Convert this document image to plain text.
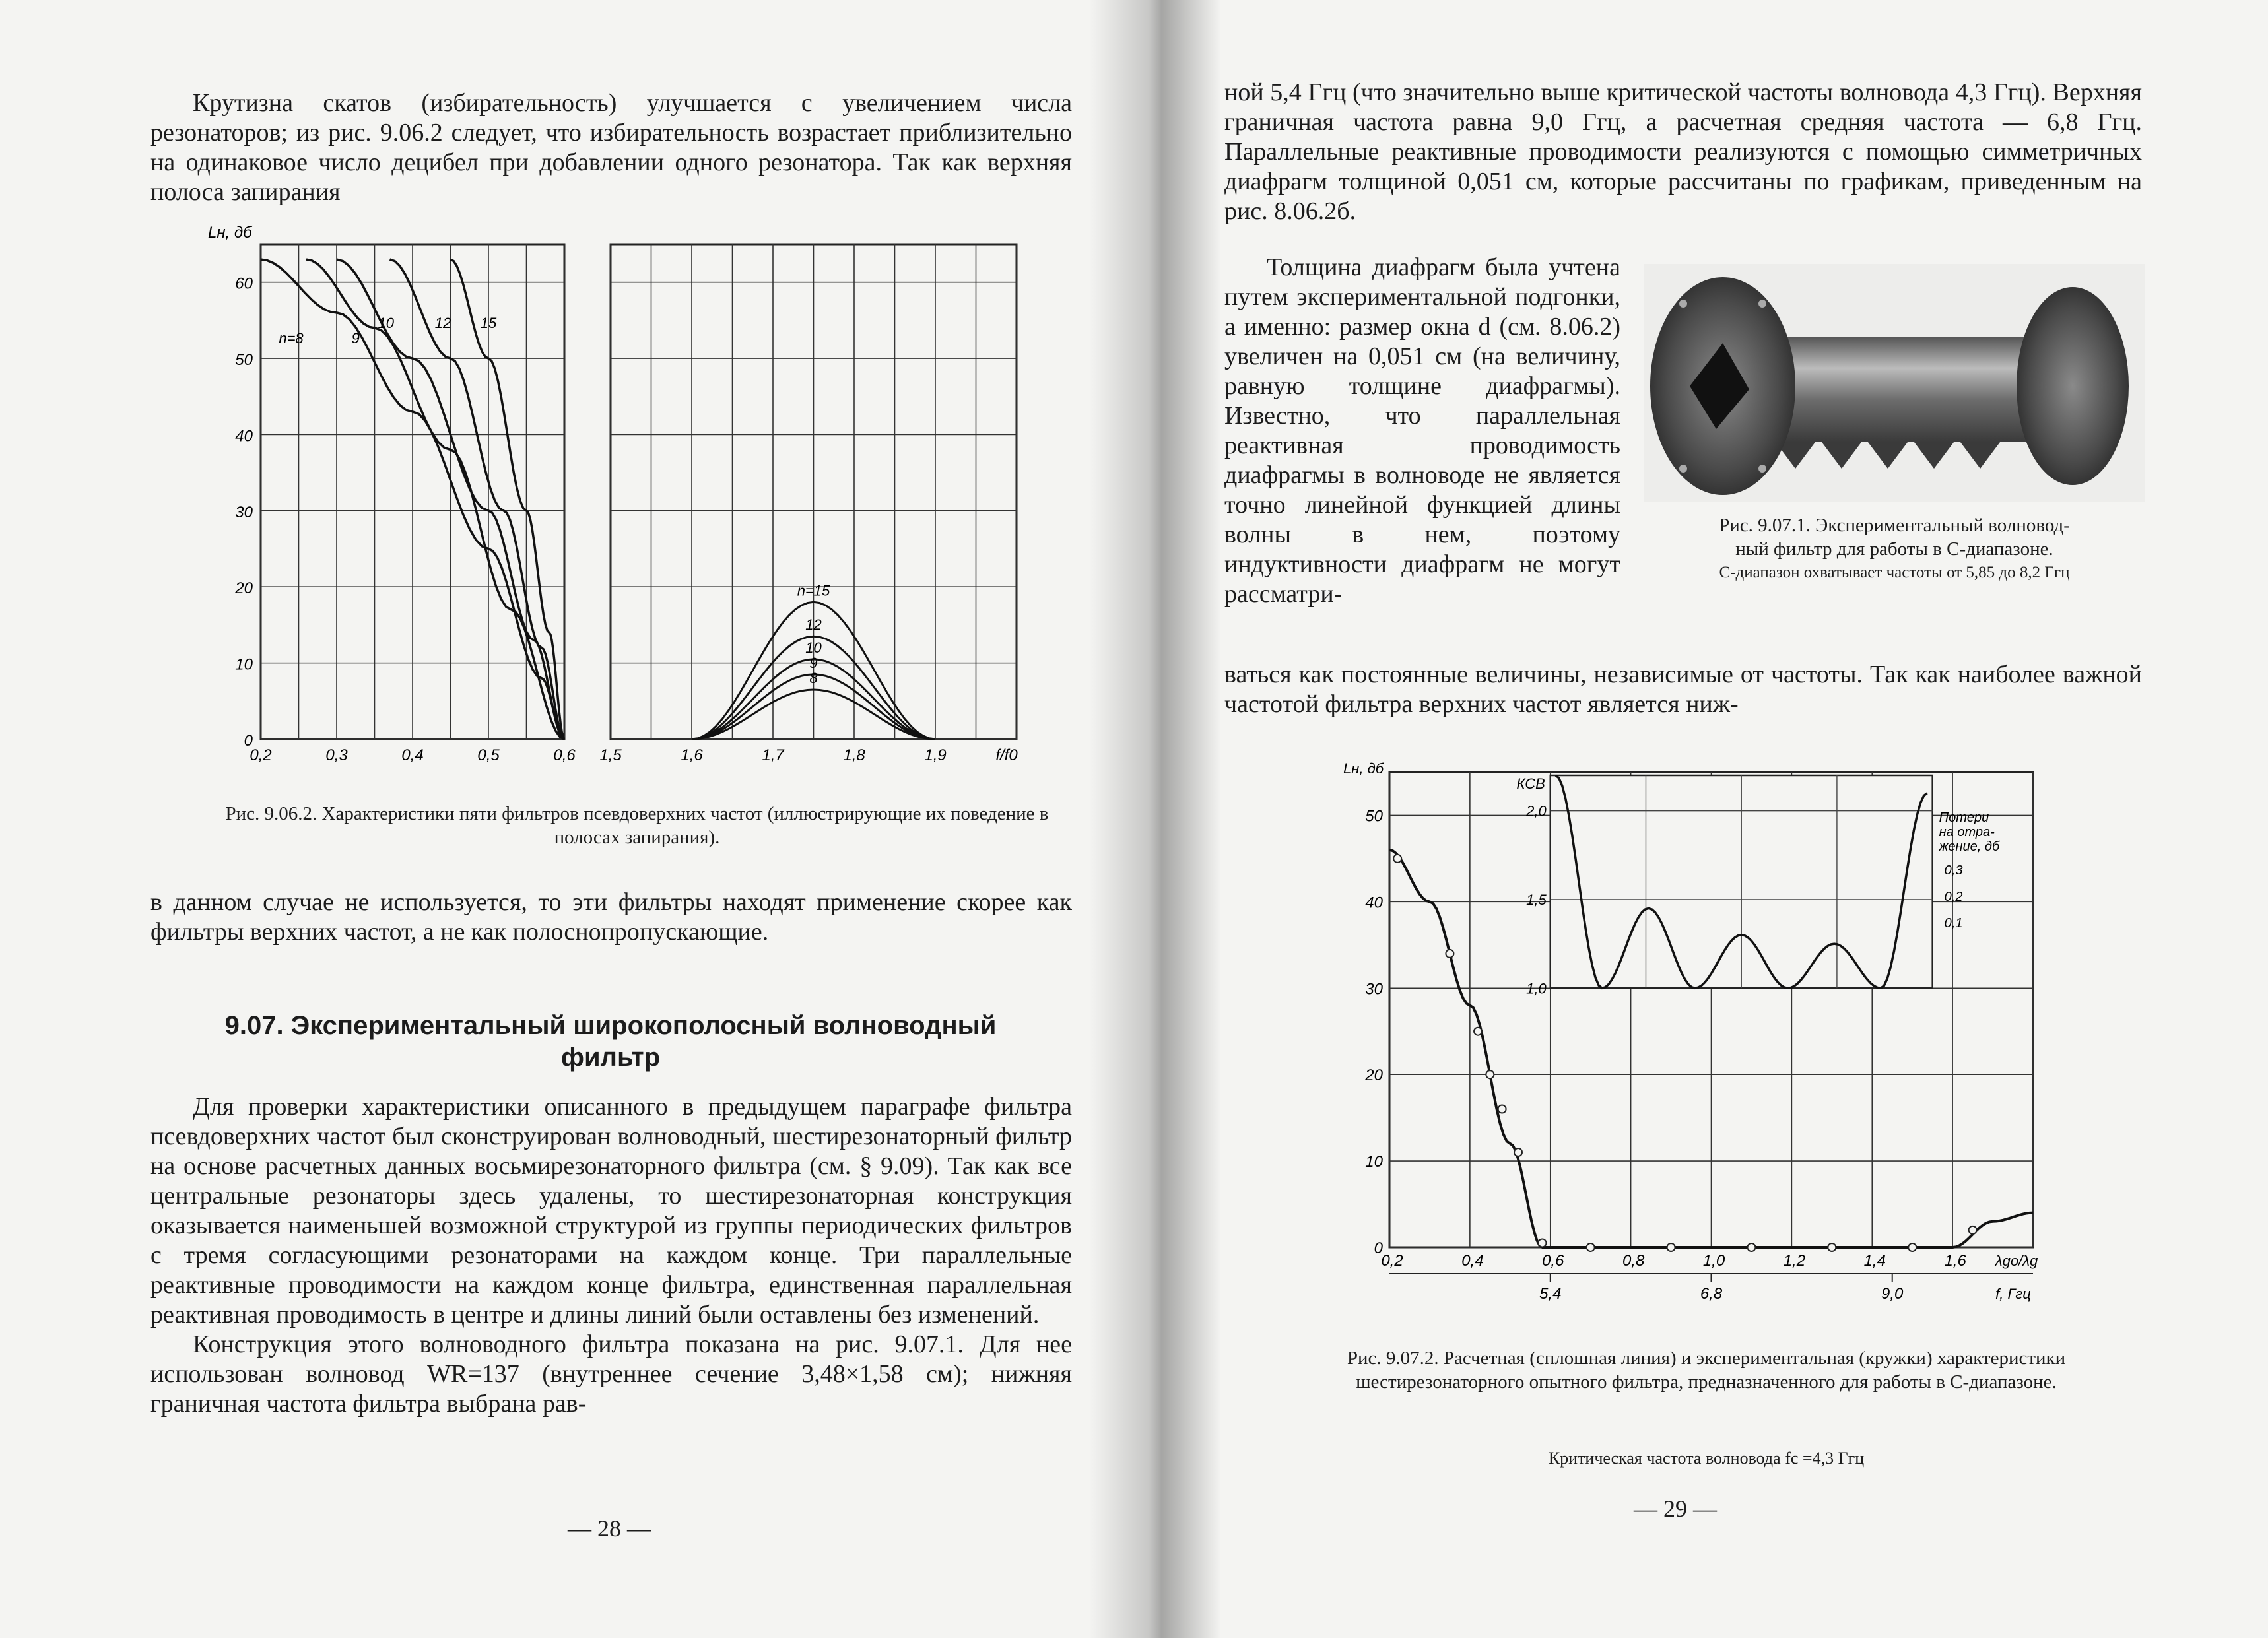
Крутизна скатов (избирательность) улучшается с увеличением числа резонаторов; из рис. 9.06.2 следует, что избирательность возрастает приблизительно на одинаковое число децибел при добавлении одного резонатора. Так как верхняя полоса запирания

Lн, дб
0
10
20
30
40
50
60
0,2	0,3	0,4	0,5	0,6
n=8	9
10	12 15
1,5	1,6	1,7	1,8	1,9	f/f0
n=15
12
10
9
8
Рис. 9.06.2. Характеристики пяти фильтров псевдоверхних частот (иллюстрирующие их поведение в полосах запирания).

в данном случае не используется, то эти фильтры находят применение скорее как фильтры верхних частот, а не как полоснопропускающие.

9.07. Экспериментальный широкополосный волноводный
фильтр

Для проверки характеристики описанного в предыдущем параграфе фильтра псевдоверхних частот был сконструирован волноводный, шестирезонаторный фильтр на основе расчетных данных восьмирезонаторного фильтра (см. § 9.09). Так как все центральные резонаторы здесь удалены, то шестирезонаторная конструкция оказывается наименьшей возможной структурой из группы периодических фильтров с тремя согласующими резонаторами на каждом конце. Три параллельные реактивные проводимости на каждом конце фильтра, единственная параллельная реактивная проводимость в центре и длины линий были оставлены без изменений.

Конструкция этого волноводного фильтра показана на рис. 9.07.1. Для нее использован волновод WR=137 (внутреннее сечение 3,48×1,58 см); нижняя граничная частота фильтра выбрана рав-

— 28 —

ной 5,4 Ггц (что значительно выше критической частоты волновода 4,3 Ггц). Верхняя граничная частота равна 9,0 Ггц, а расчетная средняя частота — 6,8 Ггц. Параллельные реактивные проводимости реализуются с помощью симметричных диафрагм толщиной 0,051 см, которые рассчитаны по графикам, приведенным на рис. 8.06.2б.

Толщина диафрагм была учтена путем экспериментальной подгонки, а именно: размер окна d (см. 8.06.2) увеличен на 0,051 см (на величину, равную толщине диафрагмы). Известно, что параллельная реактивная проводимость диафрагмы в волноводе не является точно линейной функцией длины волны в нем, поэтому индуктивности диафрагм не могут рассматри-

Рис. 9.07.1. Экспериментальный волновод-
ный фильтр для работы в С-диапазоне.
С-диапазон охватывает частоты от 5,85 до 8,2 Ггц

ваться как постоянные величины, независимые от частоты. Так как наиболее важной частотой фильтра верхних частот является ниж-

Lн, дб
0
10
20
30
40
50
0,2	0,4	0,6	0,8	1,0	1,2	1,4	1,6 λgo/λg
5,4	6,8	9,0	f, Ггц
КСВ
1,0
1,5
2,0	Потери
на отра-
жение, дб
0,3
0,2
0,1
Рис. 9.07.2. Расчетная (сплошная линия) и экспериментальная (кружки) характеристики шестирезонаторного опытного фильтра, предназначенного для работы в С-диапазоне.
Критическая частота волновода fc =4,3 Ггц
— 29 —
